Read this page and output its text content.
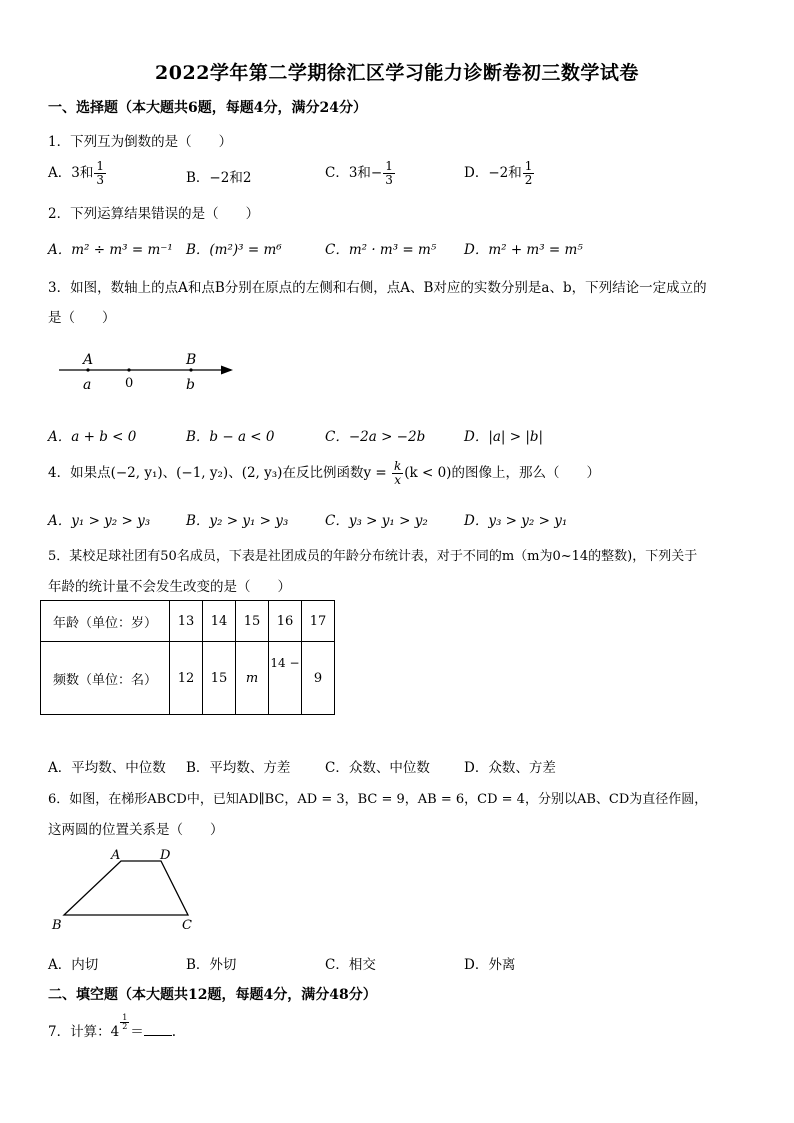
2022学年第二学期徐汇区学习能力诊断卷初三数学试卷
一、选择题（本大题共6题，每题4分，满分24分）
1．下列互为倒数的是（　　）
A．3和 $\frac{1}{3}$	B．−2和2	C．3和− $\frac{1}{3}$	D．−2和 $\frac{1}{2}$
2．下列运算结果错误的是（　　）
A．m² ÷ m³ = m⁻¹ B．(m²)³ = m⁶	C．m² · m³ = m⁵ D．m² + m³ = m⁵
3．如图，数轴上的点A和点B分别在原点的左侧和右侧，点A、B对应的实数分别是a、b，下列结论一定成立的
是（　　）
A	B
a	0	b
A．a + b < 0	B．b − a < 0	C．−2a > −2b	D．|a| > |b|
4．如果点(−2, y₁)、(−1, y₂)、(2, y₃)在反比例函数$y = \frac{k}{x} (k < 0)$的图像上，那么（　　）
A．y₁ > y₂ > y₃	B．y₂ > y₁ > y₃	C．y₃ > y₁ > y₂	D．y₃ > y₂ > y₁
5．某校足球社团有50名成员，下表是社团成员的年龄分布统计表，对于不同的m（m为0~14的整数)，下列关于
年龄的统计量不会发生改变的是（　　）
年龄（单位：岁）	13	14	15	16	17
频数（单位：名）	12	15	m	14 −	9
A．平均数、中位数 B．平均数、方差	C．众数、中位数	D．众数、方差
6．如图，在梯形ABCD中，已知AD∥BC，AD = 3，BC = 9，AB = 6，CD = 4，分别以AB、CD为直径作圆，
这两圆的位置关系是（　　）
A	D
B	C
A．内切	B．外切	C．相交	D．外离
二、填空题（本大题共12题，每题4分，满分48分）
7．计算：4
$\frac{1}{2}$
＝ .
